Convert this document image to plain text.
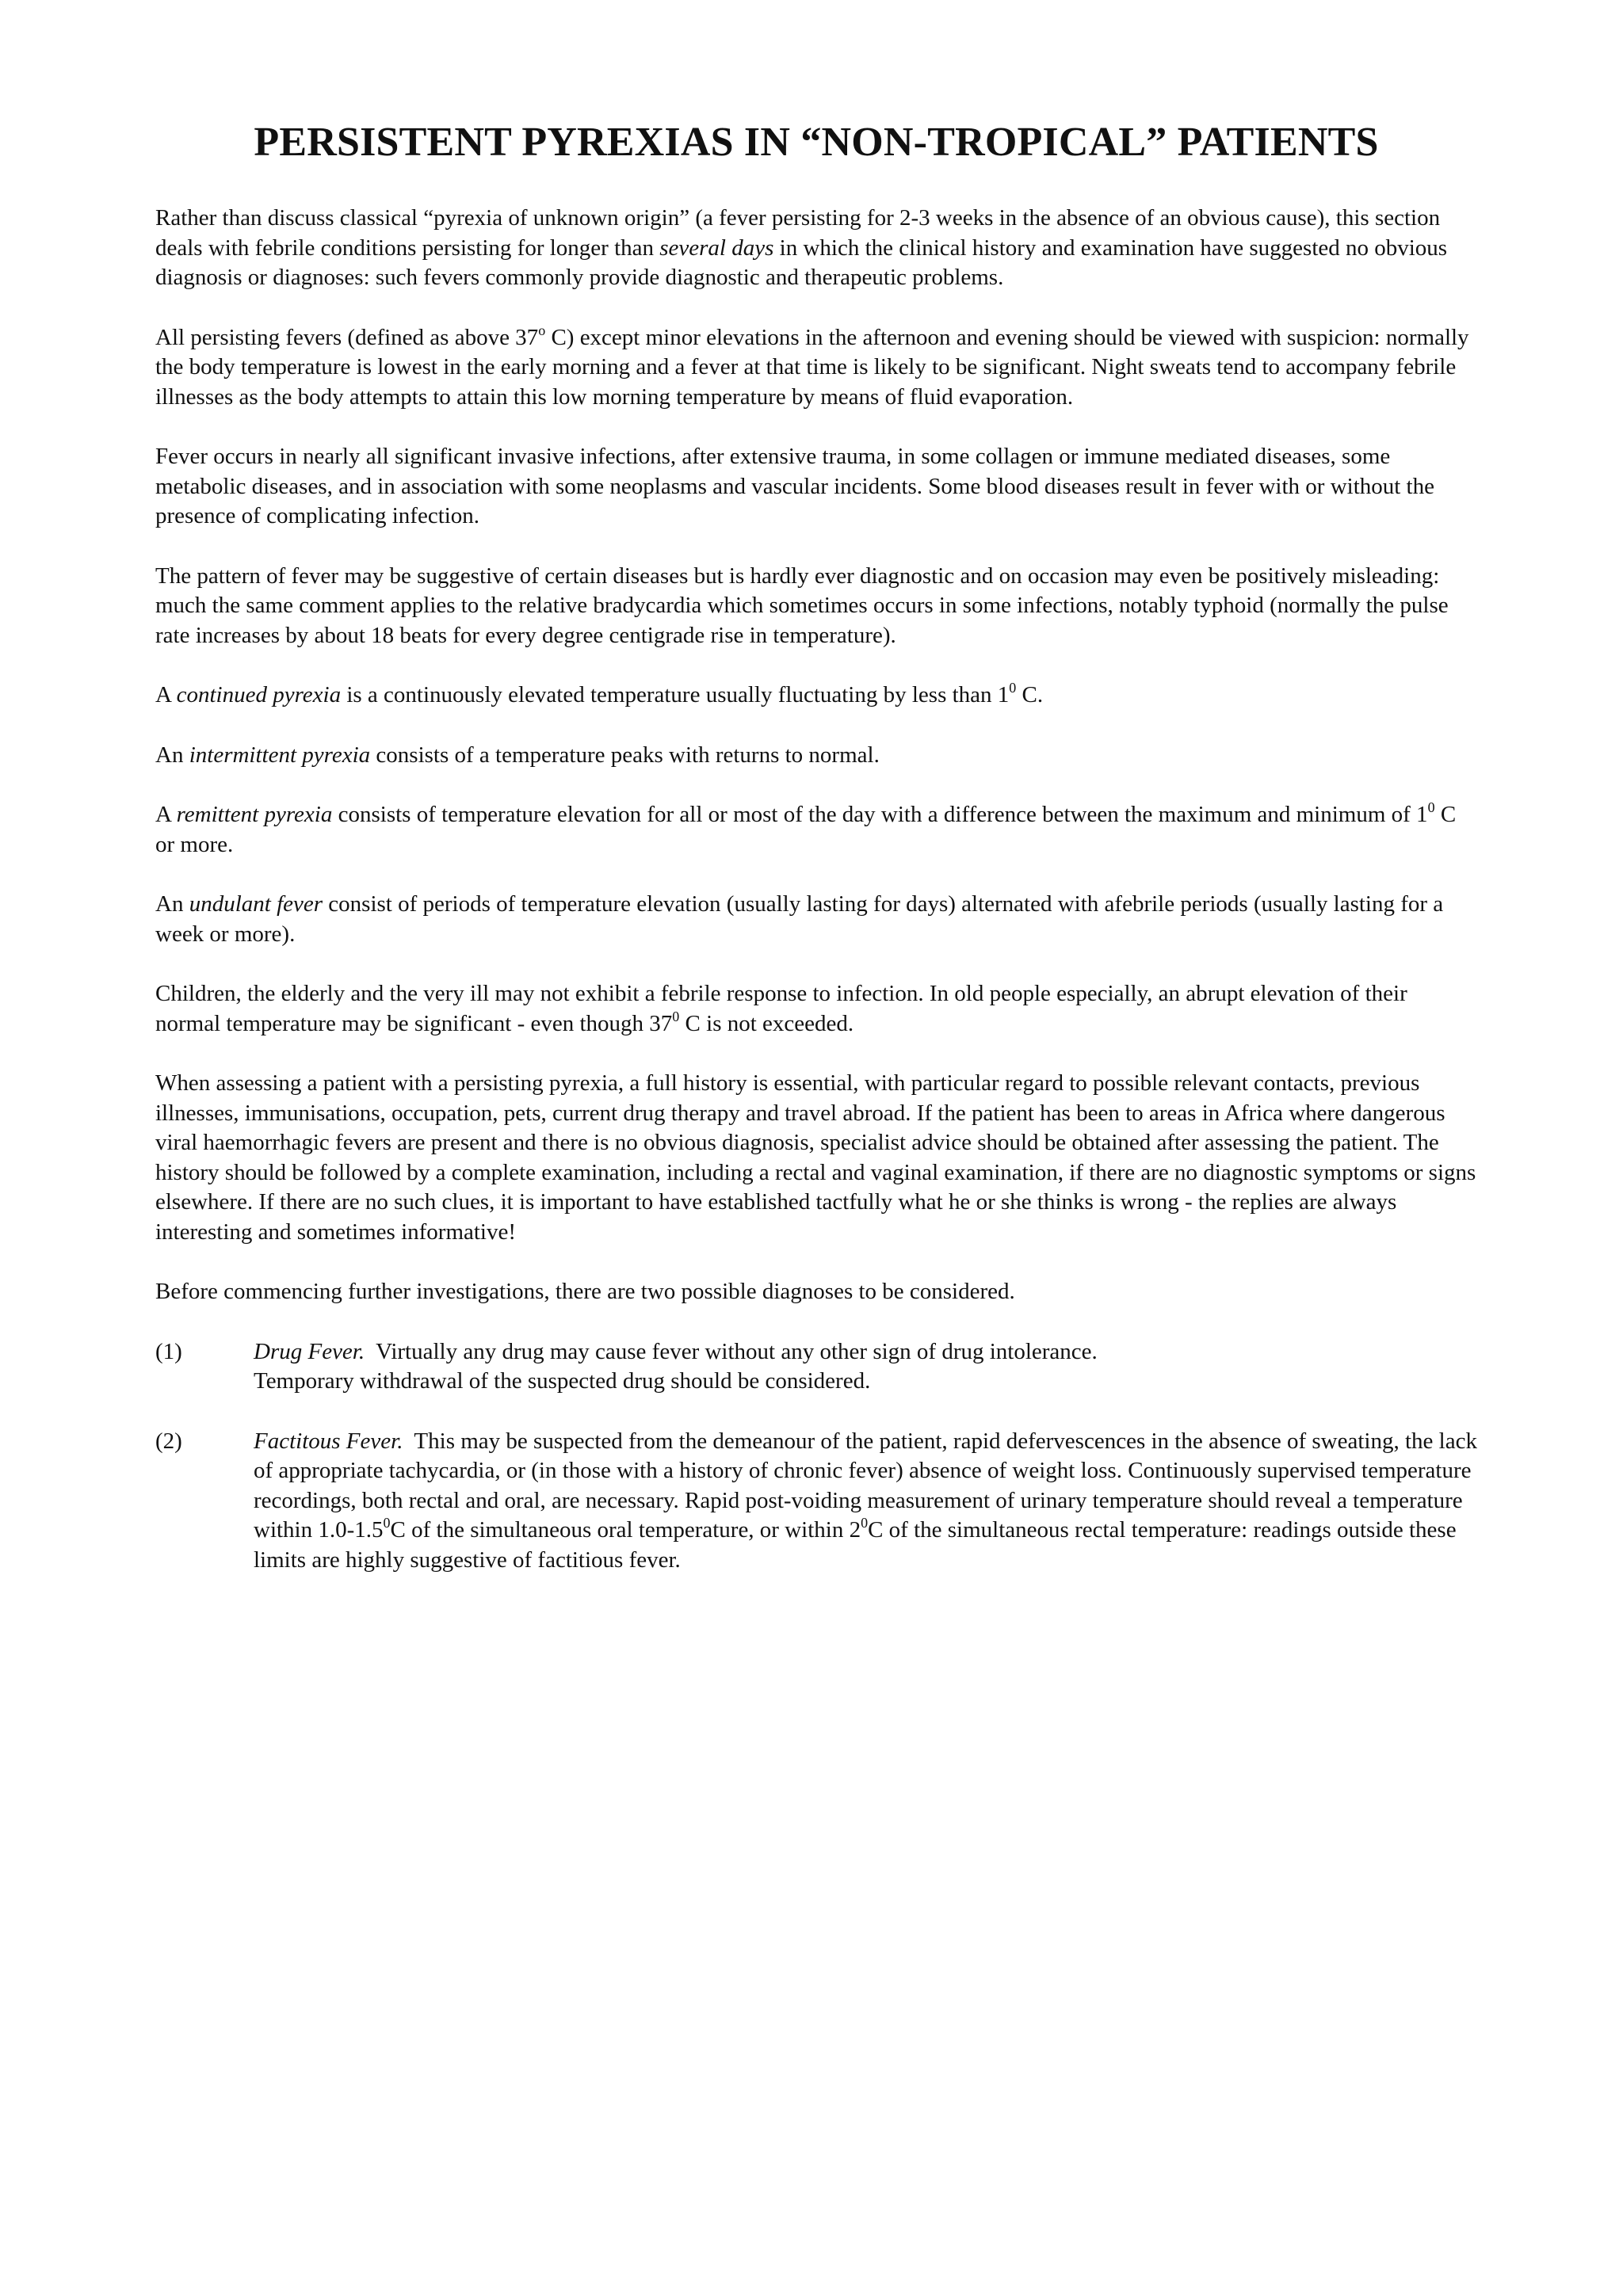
PERSISTENT PYREXIAS IN “NON-TROPICAL” PATIENTS

Rather than discuss classical “pyrexia of unknown origin” (a fever persisting for 2-3 weeks in the absence of an obvious cause), this section deals with febrile conditions persisting for longer than several days in which the clinical history and examination have suggested no obvious diagnosis or diagnoses: such fevers commonly provide diagnostic and therapeutic problems.

All persisting fevers (defined as above 37$^o$ C) except minor elevations in the afternoon and evening should be viewed with suspicion: normally the body temperature is lowest in the early morning and a fever at that time is likely to be significant. Night sweats tend to accompany febrile illnesses as the body attempts to attain this low morning temperature by means of fluid evaporation.

Fever occurs in nearly all significant invasive infections, after extensive trauma, in some collagen or immune mediated diseases, some metabolic diseases, and in association with some neoplasms and vascular incidents. Some blood diseases result in fever with or without the presence of complicating infection.

The pattern of fever may be suggestive of certain diseases but is hardly ever diagnostic and on occasion may even be positively misleading: much the same comment applies to the relative bradycardia which sometimes occurs in some infections, notably typhoid (normally the pulse rate increases by about 18 beats for every degree centigrade rise in temperature).

A continued pyrexia is a continuously elevated temperature usually fluctuating by less than $1^0$ C.

An intermittent pyrexia consists of a temperature peaks with returns to normal.

A remittent pyrexia consists of temperature elevation for all or most of the day with a difference between the maximum and minimum of $1^0$ C or more.

An undulant fever consist of periods of temperature elevation (usually lasting for days) alternated with afebrile periods (usually lasting for a week or more).

Children, the elderly and the very ill may not exhibit a febrile response to infection. In old people especially, an abrupt elevation of their normal temperature may be significant - even though $37^0$ C is not exceeded.

When assessing a patient with a persisting pyrexia, a full history is essential, with particular regard to possible relevant contacts, previous illnesses, immunisations, occupation, pets, current drug therapy and travel abroad. If the patient has been to areas in Africa where dangerous viral haemorrhagic fevers are present and there is no obvious diagnosis, specialist advice should be obtained after assessing the patient. The history should be followed by a complete examination, including a rectal and vaginal examination, if there are no diagnostic symptoms or signs elsewhere. If there are no such clues, it is important to have established tactfully what he or she thinks is wrong - the replies are always interesting and sometimes informative!

Before commencing further investigations, there are two possible diagnoses to be considered.

(1)	Drug Fever.  Virtually any drug may cause fever without any other sign of drug intolerance.
Temporary withdrawal of the suspected drug should be considered.
(2)	Factitous Fever.  This may be suspected from the demeanour of the patient, rapid defervescences in the absence of sweating, the lack of appropriate tachycardia, or (in those with a history of chronic fever) absence of weight loss. Continuously supervised temperature recordings, both rectal and oral, are necessary. Rapid post-voiding measurement of urinary temperature should reveal a temperature within $1.0-1.5^0C$ of the simultaneous oral temperature, or within $2^0C$ of the simultaneous rectal temperature: readings outside these limits are highly suggestive of factitious fever.
